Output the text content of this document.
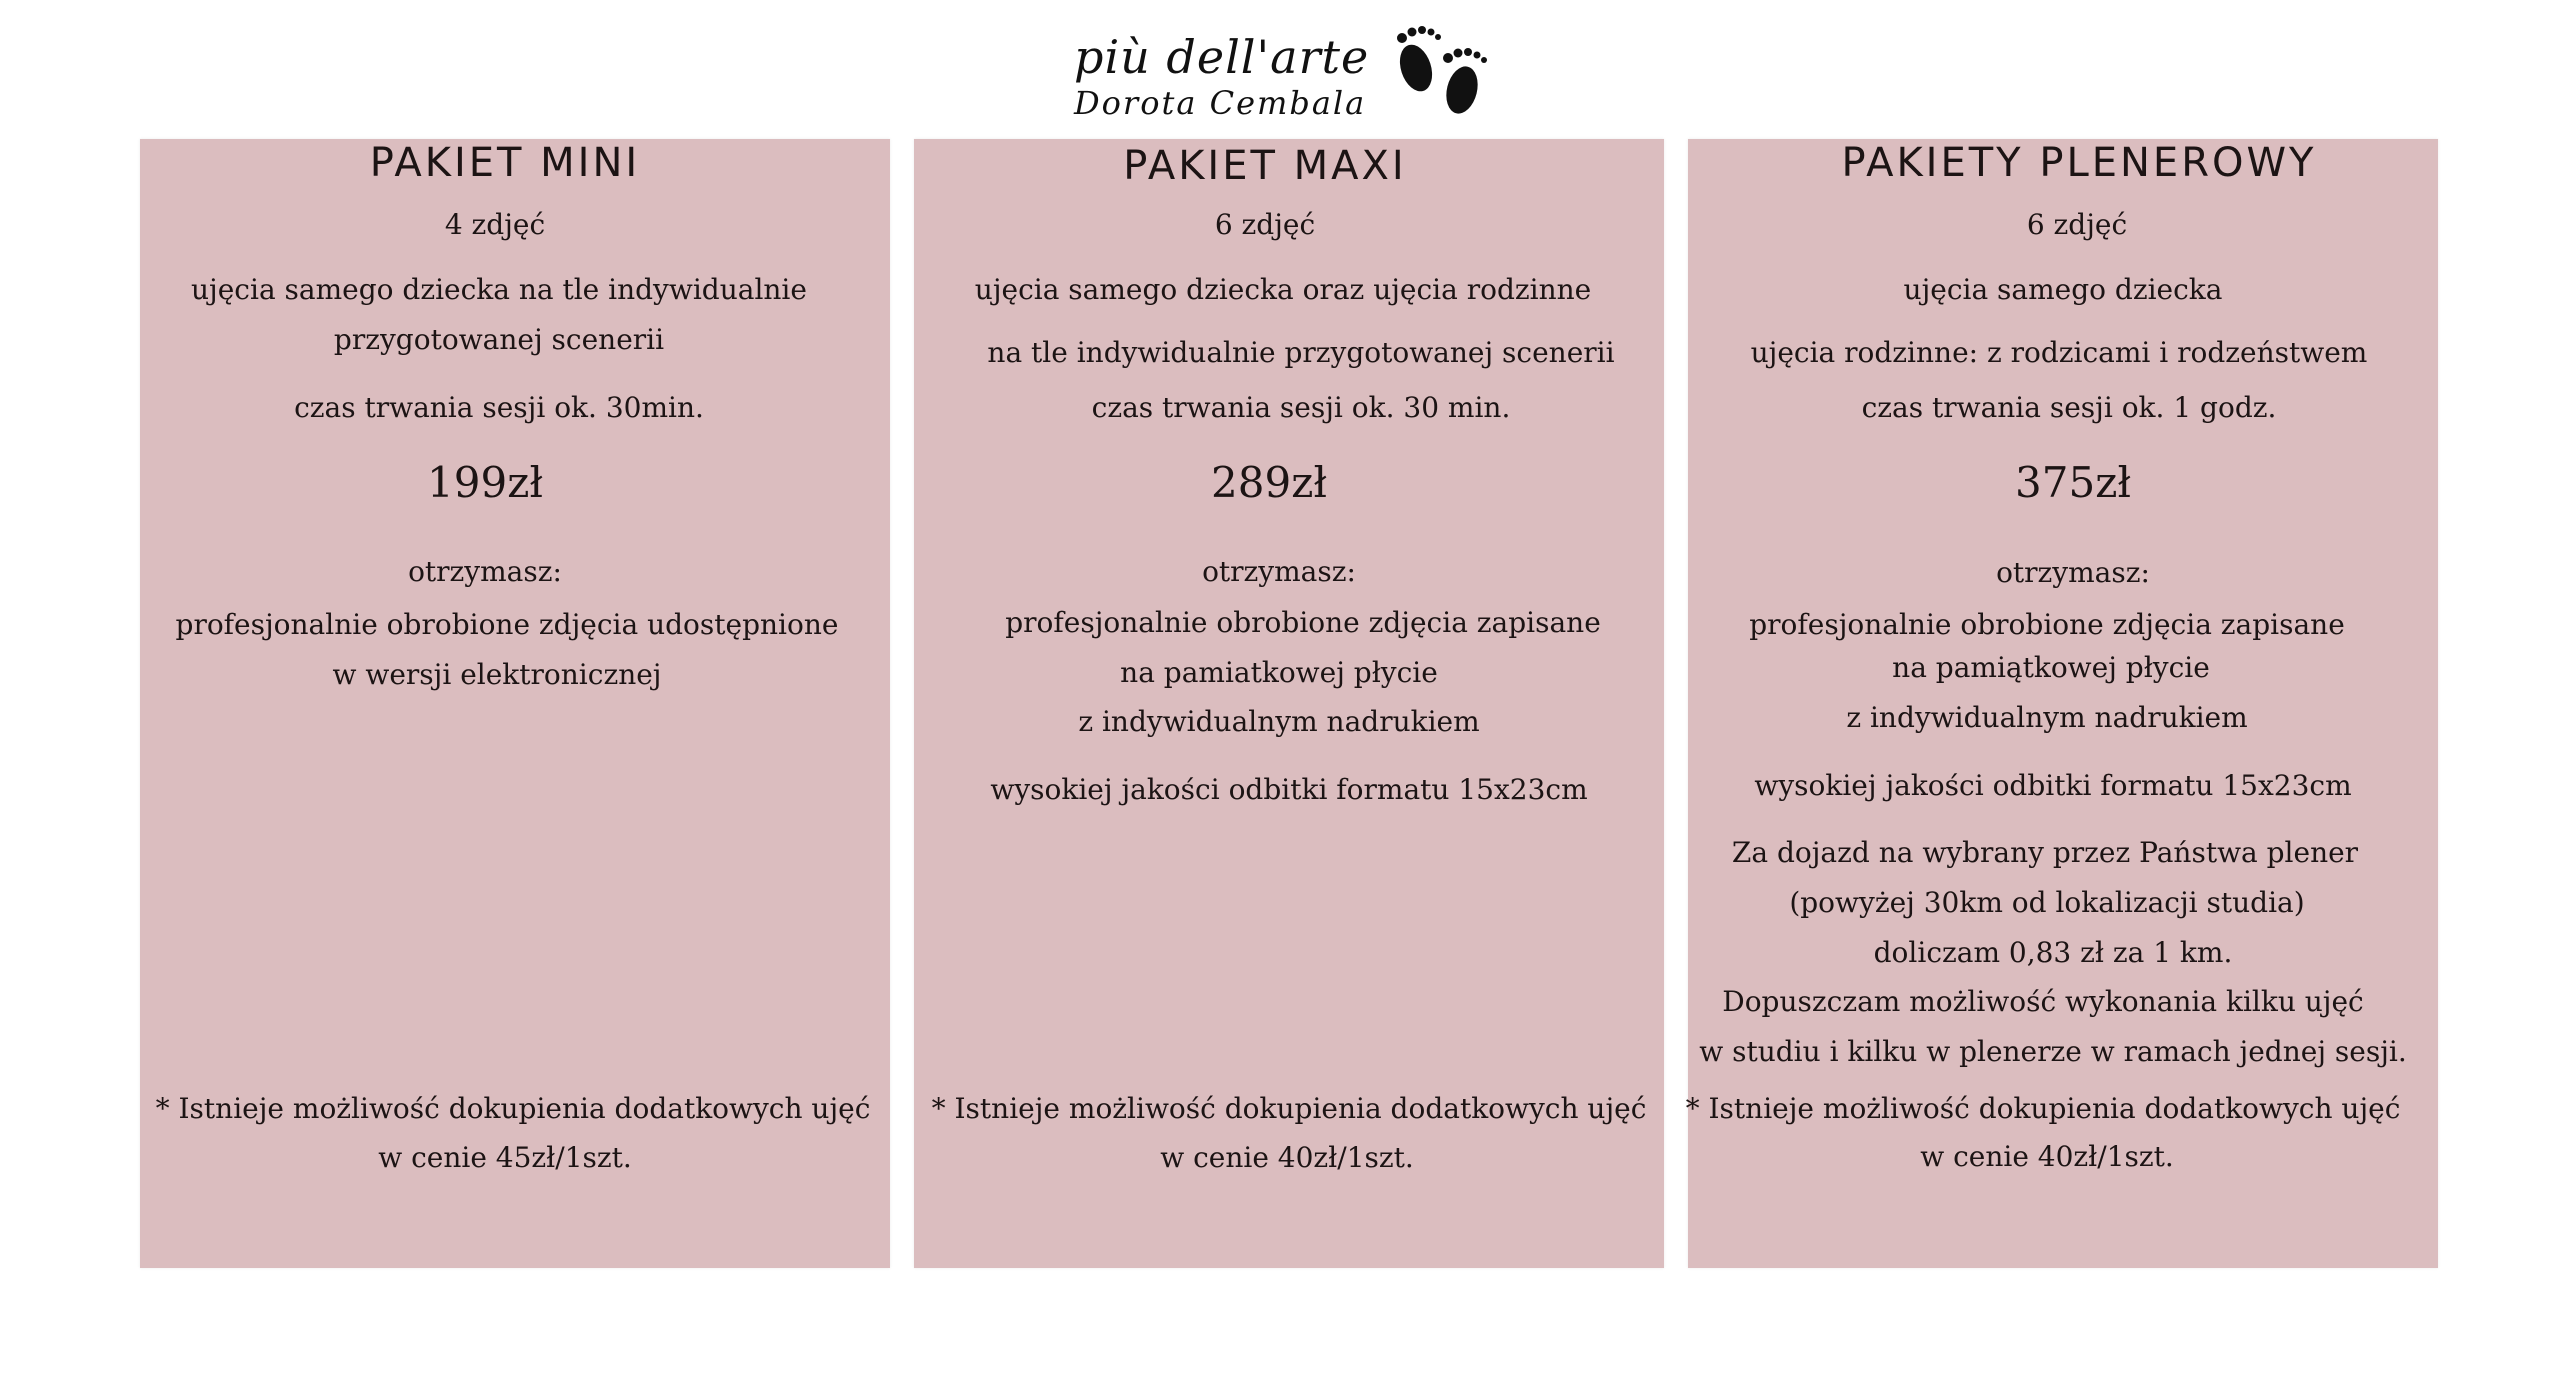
più dell'arte
Dorota Cembala
PAKIET MINI
4 zdjęć
ujęcia samego dziecka na tle indywidualnie
przygotowanej scenerii
czas trwania sesji ok. 30min.
199zł
otrzymasz:
profesjonalnie obrobione zdjęcia udostępnione
w wersji elektronicznej
* Istnieje możliwość dokupienia dodatkowych ujęć
w cenie 45zł/1szt.
PAKIET MAXI
6 zdjęć
ujęcia samego dziecka oraz ujęcia rodzinne
na tle indywidualnie przygotowanej scenerii
czas trwania sesji ok. 30 min.
289zł
otrzymasz:
profesjonalnie obrobione zdjęcia zapisane
na pamiatkowej płycie
z indywidualnym nadrukiem
wysokiej jakości odbitki formatu 15x23cm
* Istnieje możliwość dokupienia dodatkowych ujęć
w cenie 40zł/1szt.
PAKIETY PLENEROWY
6 zdjęć
ujęcia samego dziecka
ujęcia rodzinne: z rodzicami i rodzeństwem
czas trwania sesji ok. 1 godz.
375zł
otrzymasz:
profesjonalnie obrobione zdjęcia zapisane
na pamiątkowej płycie
z indywidualnym nadrukiem
wysokiej jakości odbitki formatu 15x23cm
Za dojazd na wybrany przez Państwa plener
(powyżej 30km od lokalizacji studia)
doliczam 0,83 zł za 1 km.
Dopuszczam możliwość wykonania kilku ujęć
w studiu i kilku w plenerze w ramach jednej sesji.
* Istnieje możliwość dokupienia dodatkowych ujęć
w cenie 40zł/1szt.
